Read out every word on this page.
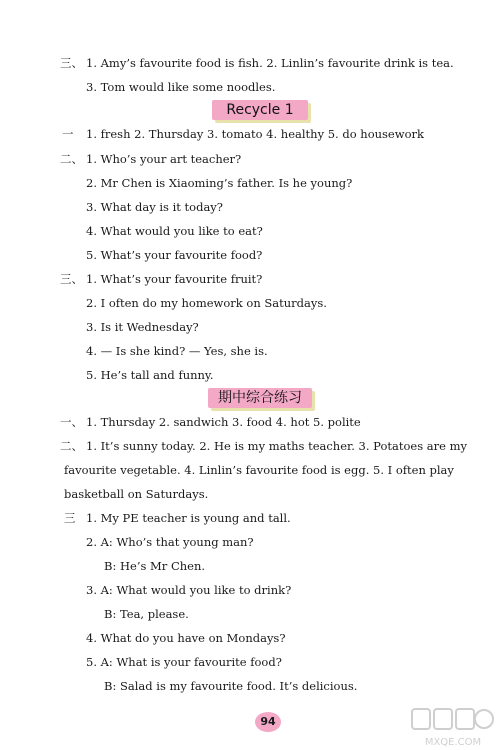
三、 1. Amy’s favourite food is fish. 2. Linlin’s favourite drink is tea.
3. Tom would like some noodles.
Recycle 1
一 1. fresh 2. Thursday 3. tomato 4. healthy 5. do housework
二、 1. Who’s your art teacher?
2. Mr Chen is Xiaoming’s father. Is he young?
3. What day is it today?
4. What would you like to eat?
5. What’s your favourite food?
三、 1. What’s your favourite fruit?
2. I often do my homework on Saturdays.
3. Is it Wednesday?
4. — Is she kind? — Yes, she is.
5. He’s tall and funny.
期中综合练习
一、 1. Thursday 2. sandwich 3. food 4. hot 5. polite
二、 1. It’s sunny today. 2. He is my maths teacher. 3. Potatoes are my
favourite vegetable. 4. Linlin’s favourite food is egg. 5. I often play
basketball on Saturdays.
三 1. My PE teacher is young and tall.
2. A: Who’s that young man?
B: He’s Mr Chen.
3. A: What would you like to drink?
B: Tea, please.
4. What do you have on Mondays?
5. A: What is your favourite food?
B: Salad is my favourite food. It’s delicious.
94
MXQE.COM
